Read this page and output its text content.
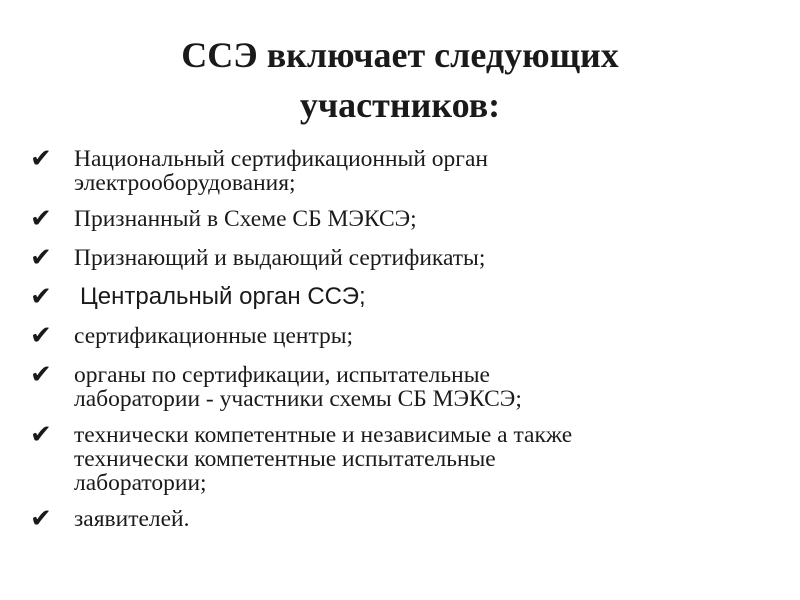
ССЭ включает следующих
участников:
✔ Национальный сертификационный орган
электрооборудования;
✔ Признанный в Схеме СБ МЭКСЭ;
✔ Признающий и выдающий сертификаты;
✔	Центральный орган ССЭ;
✔ сертификационные центры;
✔ органы по сертификации, испытательные
лаборатории - участники схемы СБ МЭКСЭ;
✔ технически компетентные и независимые а также
технически компетентные испытательные
лаборатории;
✔ заявителей.
